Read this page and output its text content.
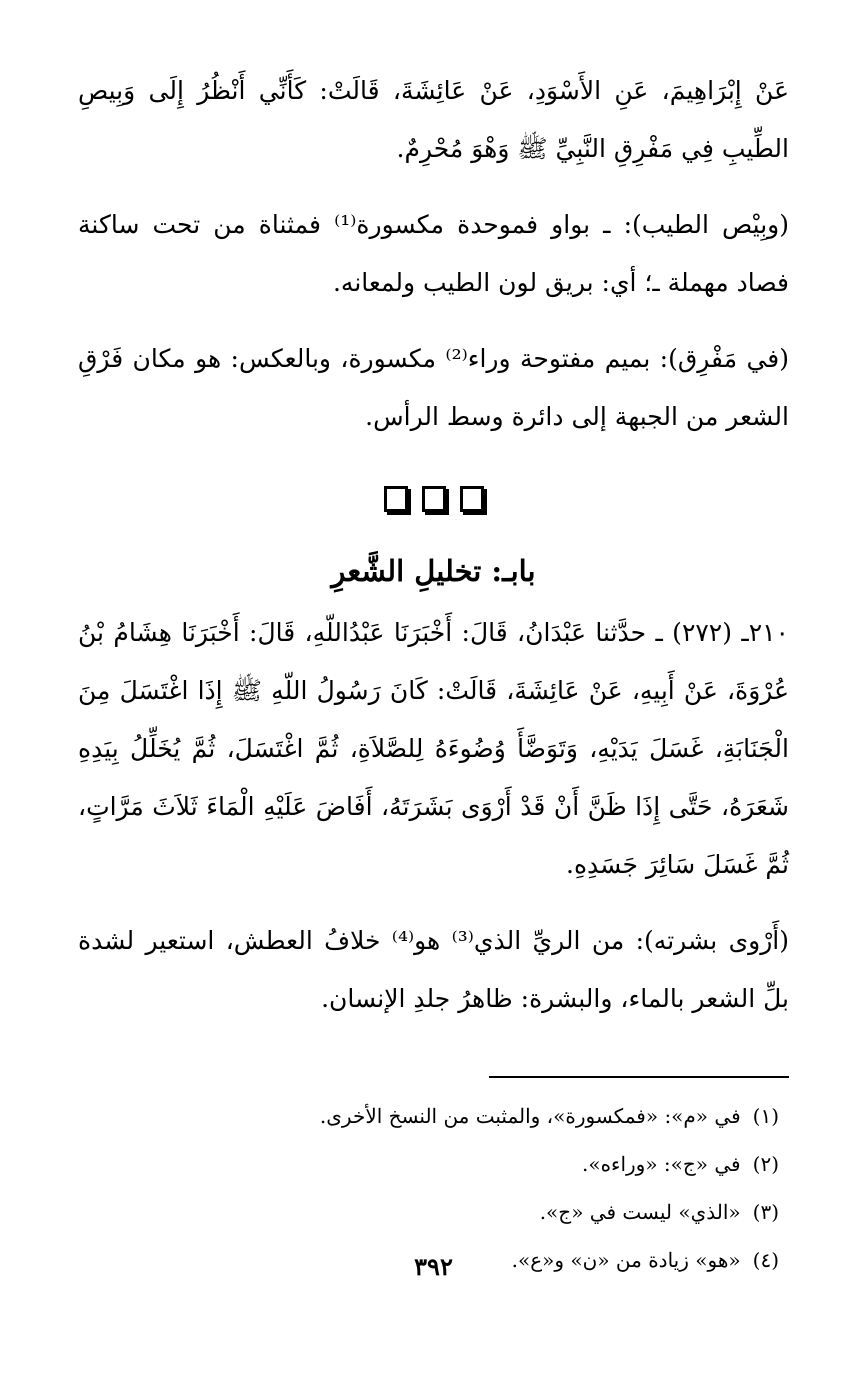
عَنْ إِبْرَاهِيمَ، عَنِ الأَسْوَدِ، عَنْ عَائِشَةَ، قَالَتْ: كَأَنِّي أَنْظُرُ إِلَى وَبِيصِ الطِّيبِ فِي مَفْرِقِ النَّبِيِّ ﷺ وَهْوَ مُحْرِمٌ.

(وبِيْص الطيب): ـ بواو فموحدة مكسورة⁽¹⁾ فمثناة من تحت ساكنة فصاد مهملة ـ؛ أي: بريق لون الطيب ولمعانه.

(في مَفْرِق): بميم مفتوحة وراء⁽²⁾ مكسورة، وبالعكس: هو مكان فَرْقِ الشعر من الجبهة إلى دائرة وسط الرأس.

بابـ:تخليلِ الشَّعرِ

٢١٠ـ (٢٧٢) ـ حدَّثنا عَبْدَانُ، قَالَ: أَخْبَرَنَا عَبْدُاللّهِ، قَالَ: أَخْبَرَنَا هِشَامُ بْنُ عُرْوَةَ، عَنْ أَبِيهِ، عَنْ عَائِشَةَ، قَالَتْ: كَانَ رَسُولُ اللّهِ ﷺ إِذَا اغْتَسَلَ مِنَ الْجَنَابَةِ، غَسَلَ يَدَيْهِ، وَتَوَضَّأَ وُضُوءَهُ لِلصَّلاَةِ، ثُمَّ اغْتَسَلَ، ثُمَّ يُخَلِّلُ بِيَدِهِ شَعَرَهُ، حَتَّى إِذَا ظَنَّ أَنْ قَدْ أَرْوَى بَشَرَتَهُ، أَفَاضَ عَلَيْهِ الْمَاءَ ثَلاَثَ مَرَّاتٍ، ثُمَّ غَسَلَ سَائِرَ جَسَدِهِ.

(أَرْوى بشرته): من الريِّ الذي⁽³⁾ هو⁽⁴⁾ خلافُ العطش، استعير لشدة بلِّ الشعر بالماء، والبشرة: ظاهرُ جلدِ الإنسان.

(١)
في «م»: «فمكسورة»، والمثبت من النسخ الأخرى.
(٢)
في «ج»: «وراءه».
(٣)
«الذي» ليست في «ج».
(٤)
«هو» زيادة من «ن» و«ع».
٣٩٢
